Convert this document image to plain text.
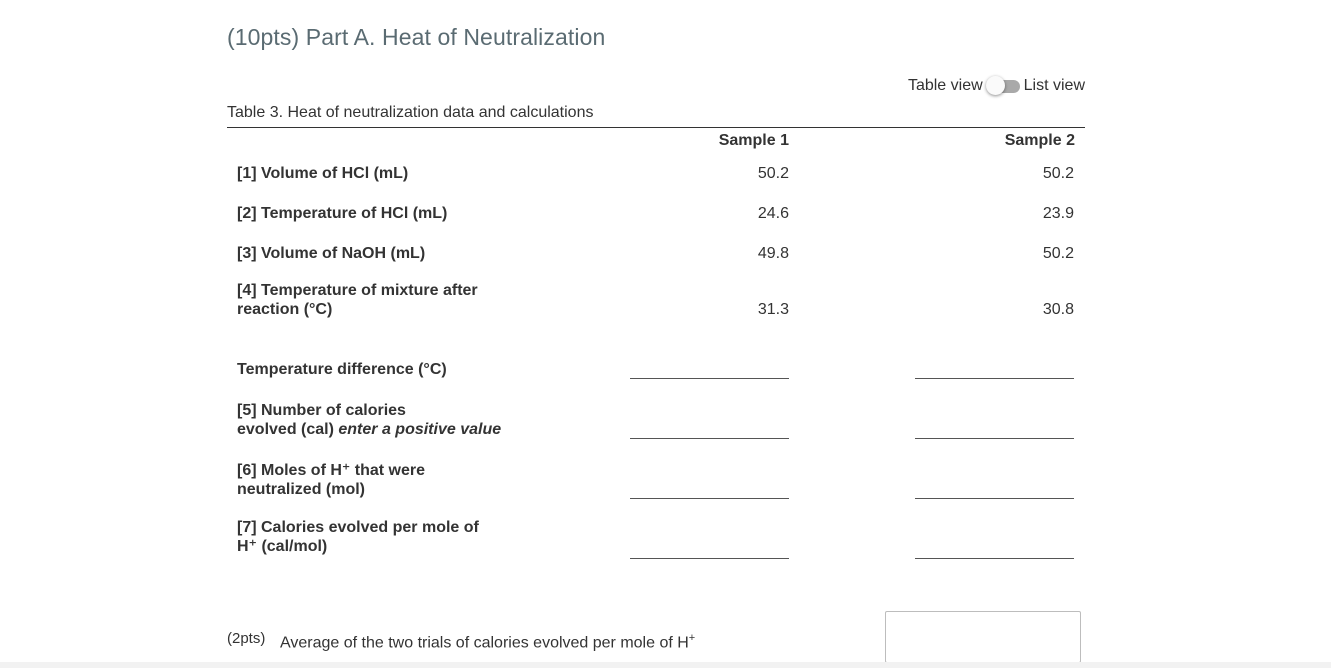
(10pts) Part A. Heat of Neutralization
Table view	List view
Table 3. Heat of neutralization data and calculations
Sample 1	Sample 2
[1] Volume of HCl (mL)	50.2	50.2
[2] Temperature of HCl (mL)	24.6	23.9
[3] Volume of NaOH (mL)	49.8	50.2
[4] Temperature of mixture after
reaction (°C)	31.3	30.8
Temperature difference (°C)
[5] Number of calories
evolved (cal) enter a positive value
[6] Moles of H⁺ that were
neutralized (mol)
[7] Calories evolved per mole of
H⁺ (cal/mol)
(2pts) Average of the two trials of calories evolved per mole of H+
